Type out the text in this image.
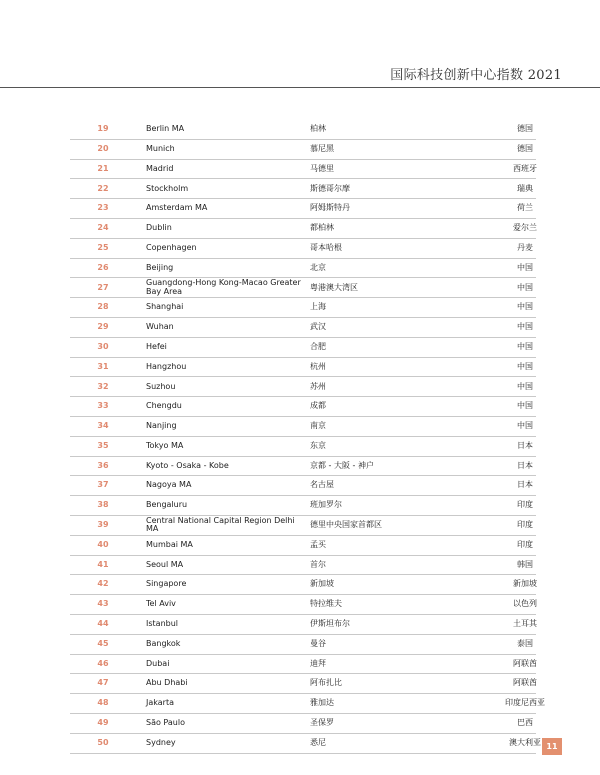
国际科技创新中心指数 2021
19	Berlin MA	柏林	德国
20	Munich	慕尼黑	德国
21	Madrid	马德里	西班牙
22	Stockholm	斯德哥尔摩	瑞典
23	Amsterdam MA	阿姆斯特丹	荷兰
24	Dublin	都柏林	爱尔兰
25	Copenhagen	哥本哈根	丹麦
26	Beijing	北京	中国
27	Guangdong-Hong Kong-Macao Greater Bay Area	粤港澳大湾区	中国
28	Shanghai	上海	中国
29	Wuhan	武汉	中国
30	Hefei	合肥	中国
31	Hangzhou	杭州	中国
32	Suzhou	苏州	中国
33	Chengdu	成都	中国
34	Nanjing	南京	中国
35	Tokyo MA	东京	日本
36	Kyoto - Osaka - Kobe	京都 - 大阪 - 神户	日本
37	Nagoya MA	名古屋	日本
38	Bengaluru	班加罗尔	印度
39	Central National Capital Region Delhi MA	德里中央国家首都区	印度
40	Mumbai MA	孟买	印度
41	Seoul MA	首尔	韩国
42	Singapore	新加坡	新加坡
43	Tel Aviv	特拉维夫	以色列
44	Istanbul	伊斯坦布尔	土耳其
45	Bangkok	曼谷	泰国
46	Dubai	迪拜	阿联酋
47	Abu Dhabi	阿布扎比	阿联酋
48	Jakarta	雅加达	印度尼西亚
49	São Paulo	圣保罗	巴西
50	Sydney	悉尼	澳大利亚 11
